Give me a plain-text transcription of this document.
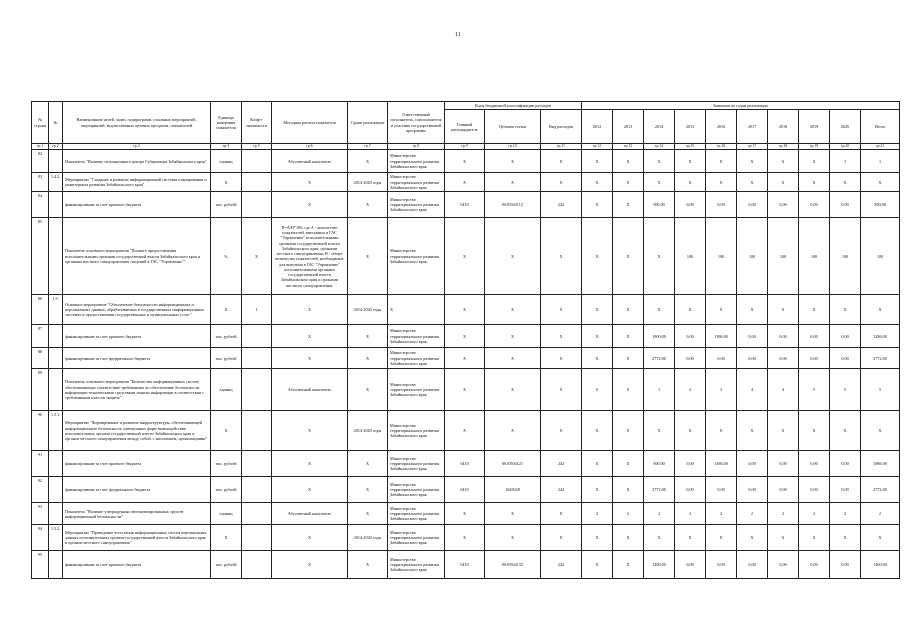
11
№ строки	№	Наименование целей, задач, подпрограмм, основных мероприятий, мероприятий, ведомственных целевых программ, показателей	Единица измерения показателя	Коэф-т значимости	Методика расчета показателя	Сроки реализации	Ответственный исполнитель, соисполнитель и участник государственной программы	Коды бюджетной классификации расходов			Значения по годам реализации									
								Главный распорядитель	Целевая статья	Вид расходов	2012	2013	2014	2015	2016	2017	2018	2019	2020	Итого
гр.1	гр.2	гр.3	гр.4	гр.5	гр.6	гр.7	гр.8	гр.9	гр.10	гр.11	гр.12	гр.13	гр.14	гр.15	гр.16	гр.17	гр.18	гр.19	гр.20	гр.21
82		Показатель "Наличие ситуационного центра Губернатора Забайкальского края"	единиц		Абсолютный показатель	Х	Министерство территориального развития Забайкальского края	Х	Х	Х	Х	Х	Х	Х	Х	Х	Х	Х	1	1
83	1.4.2.	Мероприятие "Создание и развитие информационной системы планирования и мониторинга развития Забайкальского края"	Х		Х	2014-2020 годы	Министерство территориального развития Забайкальского края	Х	Х	Х	Х	Х	Х	Х	Х	Х	Х	Х	Х	Х
84		финансирование за счет краевого бюджета	тыс. рублей		Х	Х	Министерство территориального развития Забайкальского края	0410	0610504112	242	Х	Х	500,00	0,00	0,00	0,00	0,00	0,00	0,00	500,00
85		Показатель основного мероприятия "Полнота предоставления исполнительными органами государственной власти Забайкальского края и органами местного самоуправления сведений в ГАС "Управление""	%	Х	П=А/В*100, где А - количество показателей, внесенных в ГАС "Управление" исполнительными органами государственной власти Забайкальского края, органами местного самоуправления; В - общее количество показателей, необходимых для внесения в ГАС "Управление" исполнительными органами государственной власти Забайкальского края и органами местного самоуправления.	Х	Министерство территориального развития Забайкальского края	Х	Х	Х	Х	Х	Х	100	100	100	100	100	100	100
86	1.5.	Основное мероприятие "Обеспечение безопасности информационных и персональных данных, обрабатываемых в государственных информационных системах и предоставлении государственных и муниципальных услуг"	Х	1	Х	2014-2020 годы	Х	Х	Х	Х	Х	Х	Х	Х	Х	Х	Х	Х	Х	Х
87		финансирование за счет краевого бюджета	тыс. рублей		Х	Х	Министерство территориального развития Забайкальского края	Х	Х	Х	Х	Х	1900,00	0,00	1386,00	0,00	0,00	0,00	0,00	3286,00
88		финансирование за счет федерального бюджета	тыс. рублей		Х	Х	Министерство территориального развития Забайкальского края	Х	Х	Х	Х	Х	2772,00	0,00	0,00	0,00	0,00	0,00	0,00	2772,00
89		Показатель основного мероприятия "Количество информационных систем, обеспечивающих соответствие требованиям по обеспечению безопасности информации техническими средствами защиты информации в соответствии с требованиями классов защиты"	единиц		Абсолютный показатель	Х	Министерство территориального развития Забайкальского края	Х	Х	Х	0	0	1	2	3	4	4	5	5	5
90	1.5.1.	Мероприятие "Формирование и развитие инфраструктуры, обеспечивающей информационную безопасность электронных форм взаимодействия исполнительных органов государственной власти Забайкальского края и органов местного самоуправления между собой, с населением, организациями"	Х		Х	2014-2020 годы	Министерство территориального развития Забайкальского края	Х	Х	Х	Х	Х	Х	Х	Х	Х	Х	Х	Х	Х
91		финансирование за счет краевого бюджета	тыс. рублей		Х	Х	Министерство территориального развития Забайкальского края	0410	0610504121	242	Х	Х	500,00	0,00	1386,00	0,00	0,00	0,00	0,00	1886,00
92		финансирование за счет федерального бюджета	тыс. рублей		Х	Х	Министерство территориального развития Забайкальского края	0410	1045028	242	Х	Х	2772,00	0,00	0,00	0,00	0,00	0,00	0,00	2772,00
93		Показатель "Наличие утвержденных автоматизированных средств информационной безопасности"	единиц		Абсолютный показатель	Х	Министерство территориального развития Забайкальского края	Х	Х	Х	2	2	2	2	2	2	2	2	2	2
94	1.5.2.	Мероприятие "Проведение аттестации информационных систем персональных данных исполнительных органов государственной власти Забайкальского края и органов местного самоуправления"	Х		Х	2014-2020 годы	Министерство территориального развития Забайкальского края	Х	Х	Х	Х	Х	Х	Х	Х	Х	Х	Х	Х	Х
95		финансирование за счет краевого бюджета	тыс. рублей		Х	Х	Министерство территориального развития Забайкальского края	0410	0610504132	242	Х	Х	1400,00	0,00	0,00	0,00	0,00	0,00	0,00	1400,00
